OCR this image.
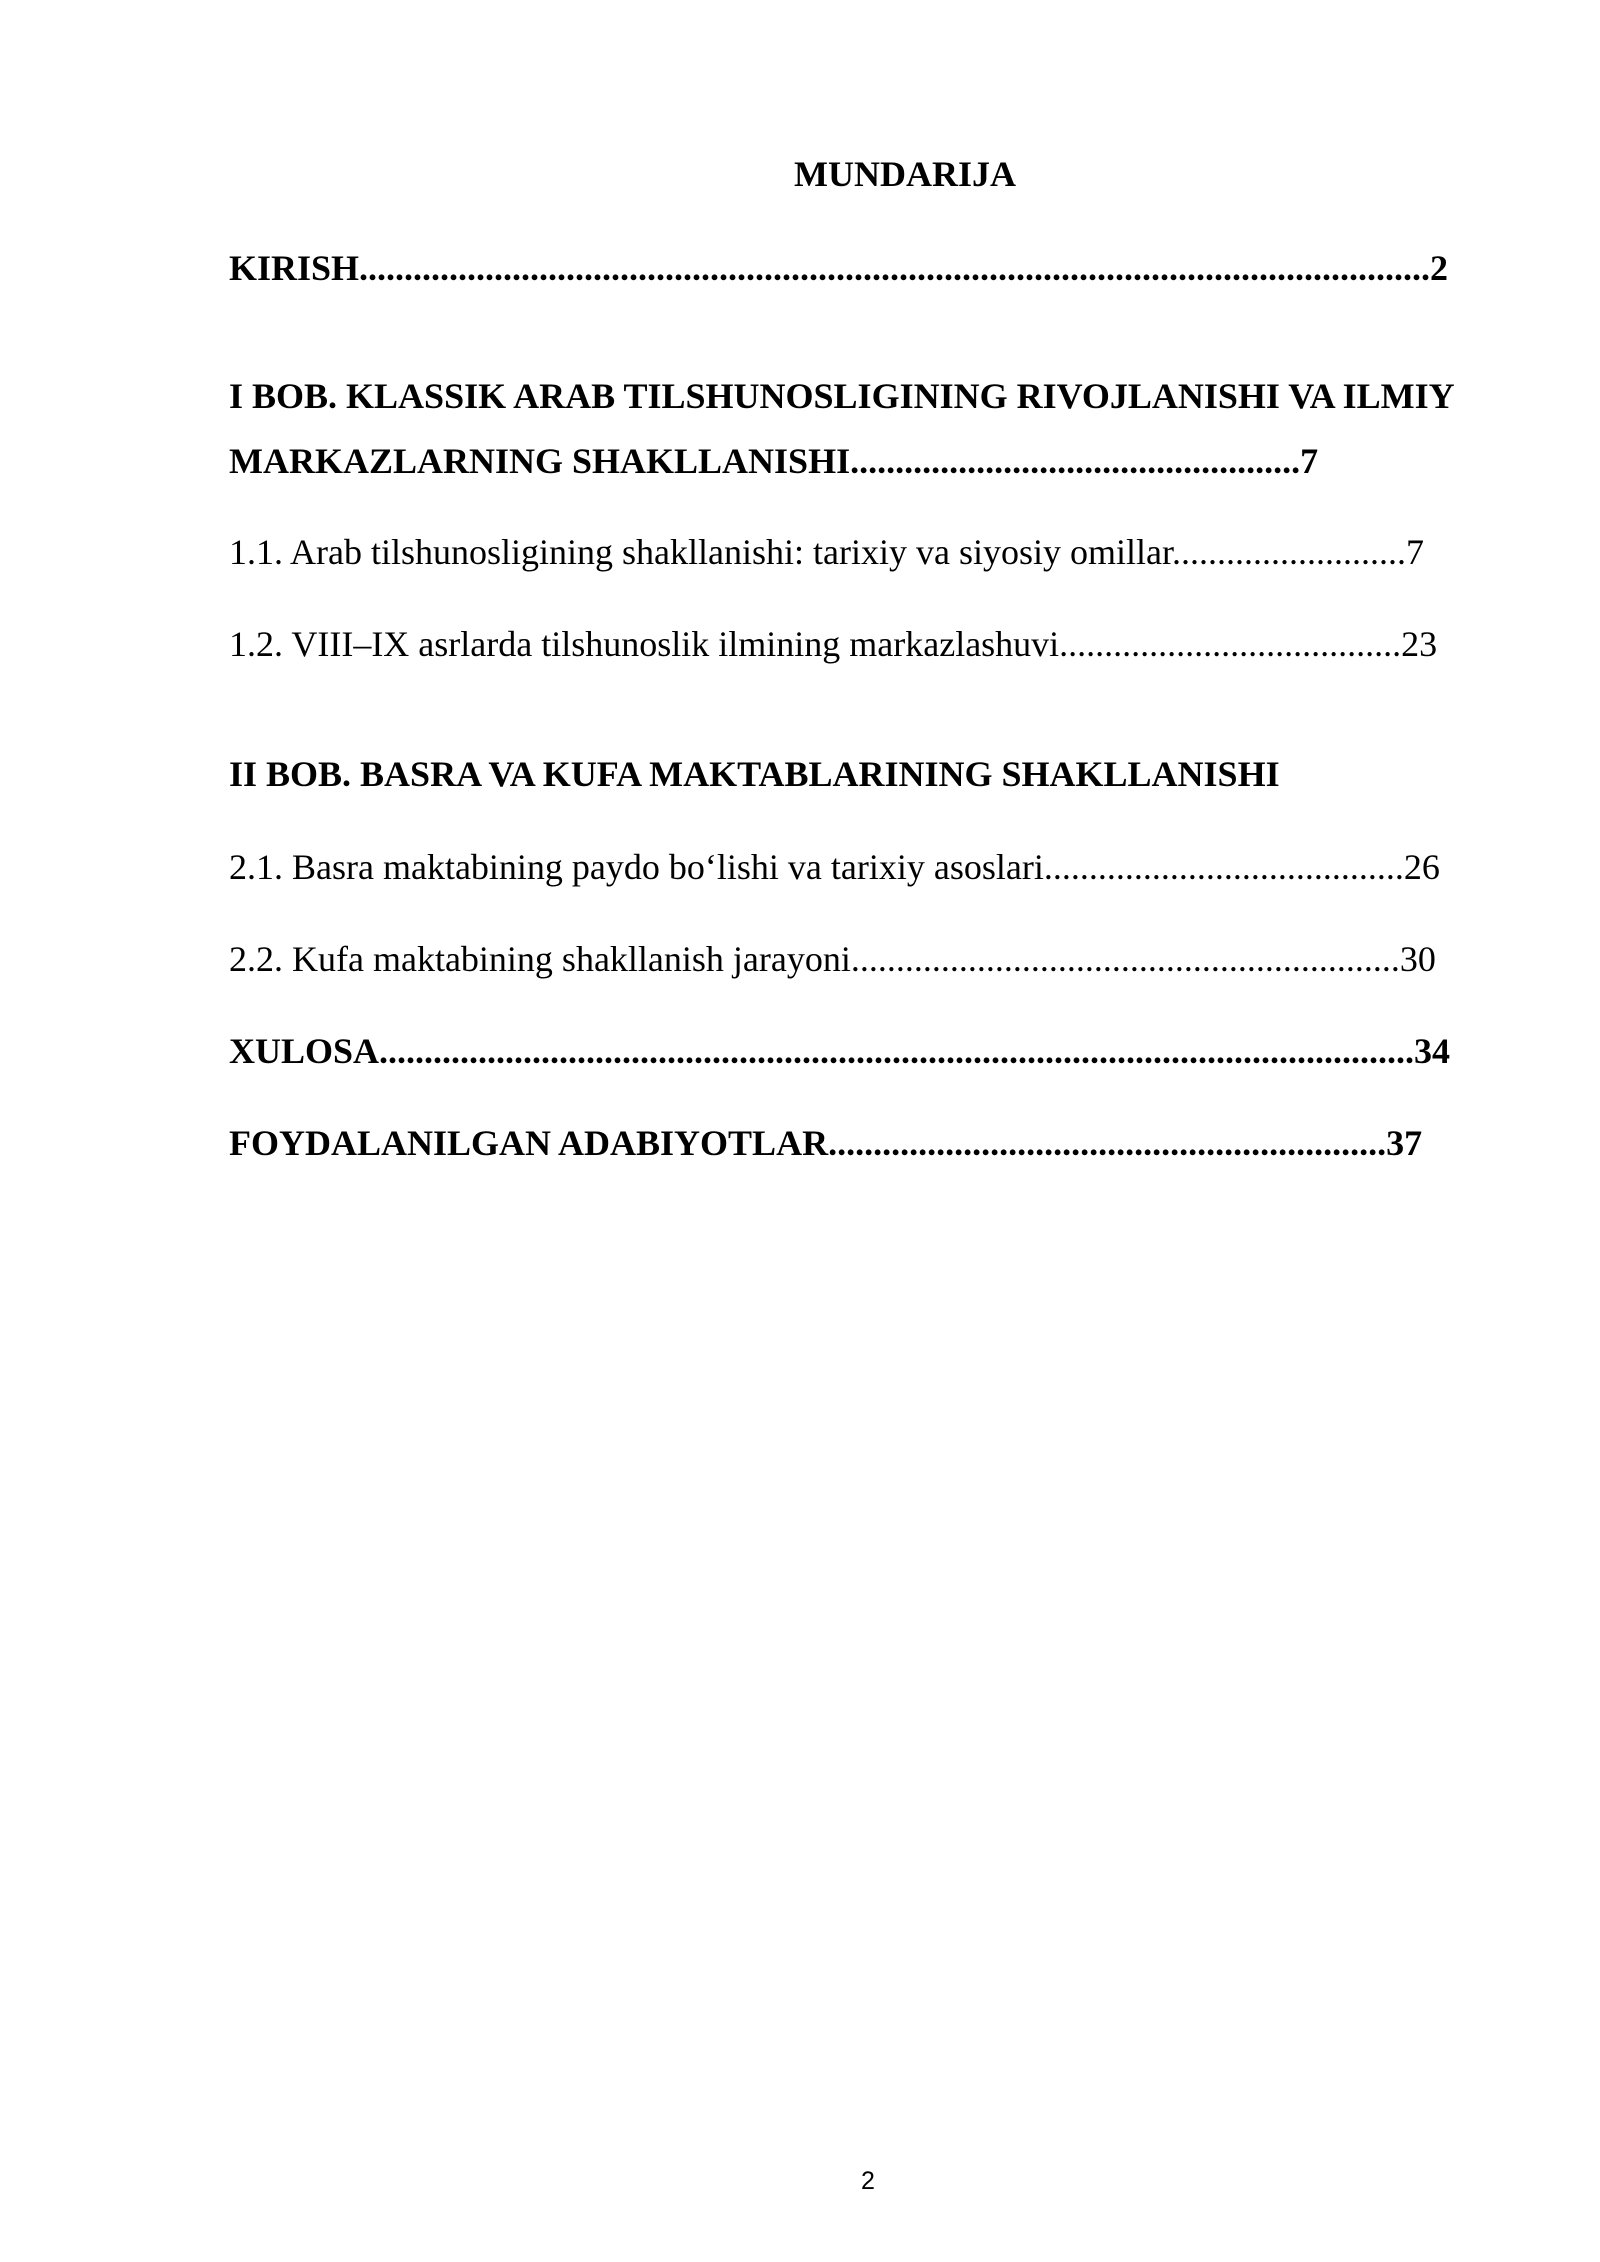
MUNDARIJA
KIRISH.......................................................................................................................2
I BOB. KLASSIK ARAB TILSHUNOSLIGINING RIVOJLANISHI VA ILMIY
MARKAZLARNING SHAKLLANISHI..................................................7
1.1. Arab tilshunosligining shakllanishi: tarixiy va siyosiy omillar..........................7
1.2. VIII–IX asrlarda tilshunoslik ilmining markazlashuvi......................................23
II BOB. BASRA VA KUFA MAKTABLARINING SHAKLLANISHI
2.1. Basra maktabining paydo bo‘lishi va tarixiy asoslari........................................26
2.2. Kufa maktabining shakllanish jarayoni.............................................................30
XULOSA...................................................................................................................34
FOYDALANILGAN ADABIYOTLAR..............................................................37
2
